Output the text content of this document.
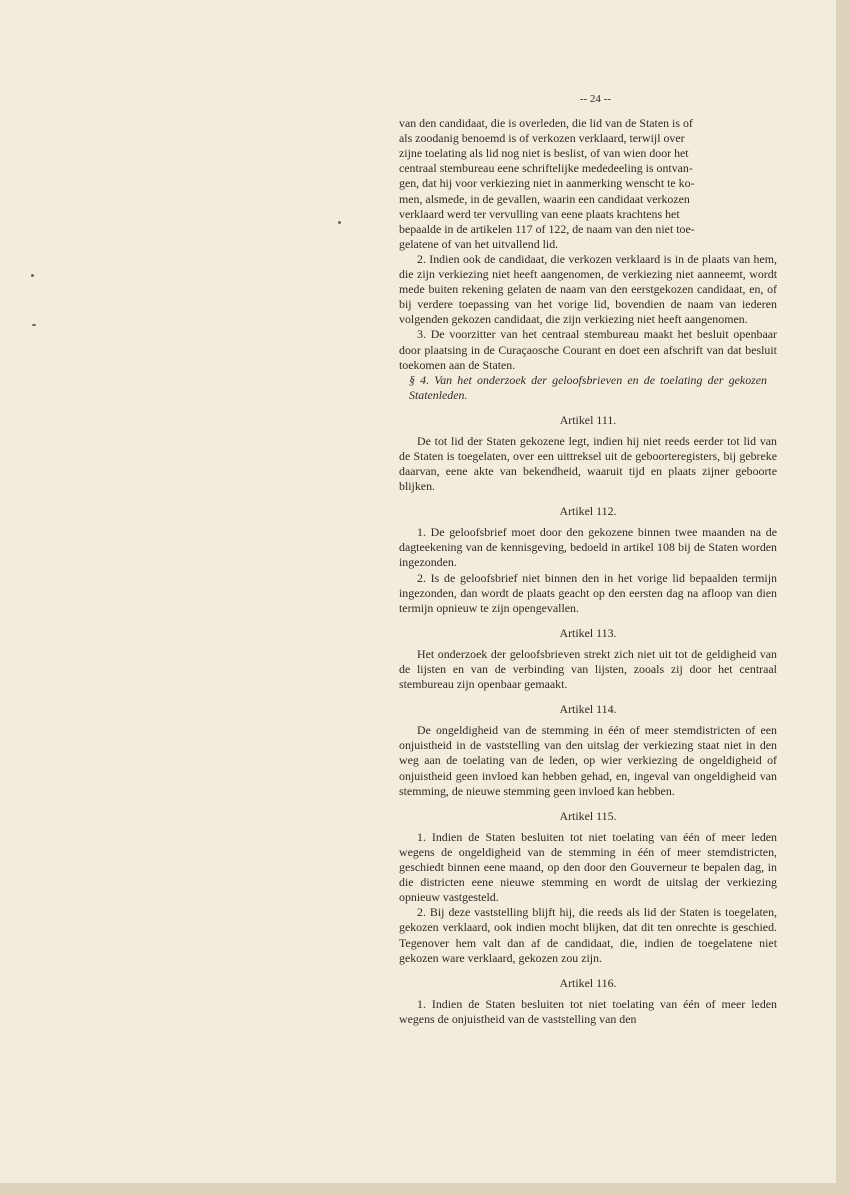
-- 24 --

van den candidaat, die is overleden, die lid van de Staten is of

als zoodanig benoemd is of verkozen verklaard, terwijl over

zijne toelating als lid nog niet is beslist, of van wien door het

centraal stembureau eene schriftelijke mededeeling is ontvan-

gen, dat hij voor verkiezing niet in aanmerking wenscht te ko-

men, alsmede, in de gevallen, waarin een candidaat verkozen

verklaard werd ter vervulling van eene plaats krachtens het

bepaalde in de artikelen 117 of 122, de naam van den niet toe-

gelatene of van het uitvallend lid.

2. Indien ook de candidaat, die verkozen verklaard is in de plaats van hem, die zijn verkiezing niet heeft aangenomen, de verkiezing niet aanneemt, wordt mede buiten rekening gelaten de naam van den eerstgekozen candidaat, en, of bij verdere toepassing van het vorige lid, bovendien de naam van iederen volgenden gekozen candidaat, die zijn verkiezing niet heeft aangenomen.

3. De voorzitter van het centraal stembureau maakt het besluit openbaar door plaatsing in de Curaçaosche Courant en doet een afschrift van dat besluit toekomen aan de Staten.

§ 4. Van het onderzoek der geloofsbrieven en de toelating der gekozen Statenleden.

Artikel 111.

De tot lid der Staten gekozene legt, indien hij niet reeds eerder tot lid van de Staten is toegelaten, over een uittreksel uit de geboorteregisters, bij gebreke daarvan, eene akte van bekendheid, waaruit tijd en plaats zijner geboorte blijken.

Artikel 112.

1. De geloofsbrief moet door den gekozene binnen twee maanden na de dagteekening van de kennisgeving, bedoeld in artikel 108 bij de Staten worden ingezonden.

2. Is de geloofsbrief niet binnen den in het vorige lid bepaalden termijn ingezonden, dan wordt de plaats geacht op den eersten dag na afloop van dien termijn opnieuw te zijn opengevallen.

Artikel 113.

Het onderzoek der geloofsbrieven strekt zich niet uit tot de geldigheid van de lijsten en van de verbinding van lijsten, zooals zij door het centraal stembureau zijn openbaar gemaakt.

Artikel 114.

De ongeldigheid van de stemming in één of meer stemdistricten of een onjuistheid in de vaststelling van den uitslag der verkiezing staat niet in den weg aan de toelating van de leden, op wier verkiezing de ongeldigheid of onjuistheid geen invloed kan hebben gehad, en, ingeval van ongeldigheid van stemming, de nieuwe stemming geen invloed kan hebben.

Artikel 115.

1. Indien de Staten besluiten tot niet toelating van één of meer leden wegens de ongeldigheid van de stemming in één of meer stemdistricten, geschiedt binnen eene maand, op den door den Gouverneur te bepalen dag, in die districten eene nieuwe stemming en wordt de uitslag der verkiezing opnieuw vastgesteld.

2. Bij deze vaststelling blijft hij, die reeds als lid der Staten is toegelaten, gekozen verklaard, ook indien mocht blijken, dat dit ten onrechte is geschied. Tegenover hem valt dan af de candidaat, die, indien de toegelatene niet gekozen ware verklaard, gekozen zou zijn.

Artikel 116.

1. Indien de Staten besluiten tot niet toelating van één of meer leden wegens de onjuistheid van de vaststelling van den
